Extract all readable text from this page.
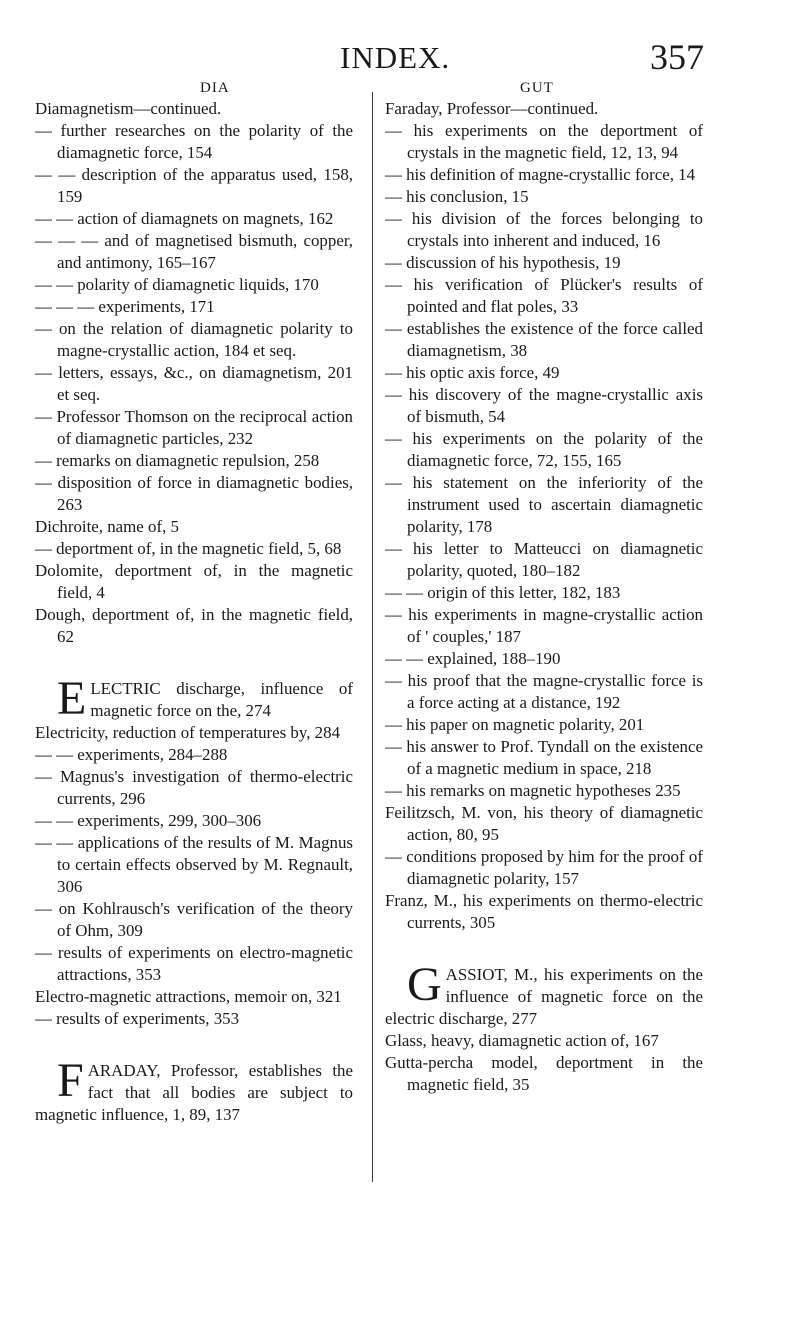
INDEX.	357
DIA	GUT

Diamagnetism—continued.

— further researches on the polarity of the diamagnetic force, 154

— — description of the apparatus used, 158, 159

— — action of diamagnets on magnets, 162

— — — and of magnetised bismuth, copper, and antimony, 165–167

— — polarity of diamagnetic liquids, 170

— — — experiments, 171

— on the relation of diamagnetic polarity to magne-crystallic action, 184 et seq.

— letters, essays, &c., on diamagnetism, 201 et seq.

— Professor Thomson on the reciprocal action of diamagnetic particles, 232

— remarks on diamagnetic repulsion, 258

— disposition of force in diamagnetic bodies, 263

Dichroite, name of, 5

— deportment of, in the magnetic field, 5, 68

Dolomite, deportment of, in the magnetic field, 4

Dough, deportment of, in the magnetic field, 62

ELECTRIC discharge, influence of magnetic force on the, 274

Electricity, reduction of temperatures by, 284

— — experiments, 284–288

— Magnus's investigation of thermo-electric currents, 296

— — experiments, 299, 300–306

— — applications of the results of M. Magnus to certain effects observed by M. Regnault, 306

— on Kohlrausch's verification of the theory of Ohm, 309

— results of experiments on electro-magnetic attractions, 353

Electro-magnetic attractions, memoir on, 321

— results of experiments, 353

FARADAY, Professor, establishes the fact that all bodies are subject to magnetic influence, 1, 89, 137

Faraday, Professor—continued.

— his experiments on the deportment of crystals in the magnetic field, 12, 13, 94

— his definition of magne-crystallic force, 14

— his conclusion, 15

— his division of the forces belonging to crystals into inherent and induced, 16

— discussion of his hypothesis, 19

— his verification of Plücker's results of pointed and flat poles, 33

— establishes the existence of the force called diamagnetism, 38

— his optic axis force, 49

— his discovery of the magne-crystallic axis of bismuth, 54

— his experiments on the polarity of the diamagnetic force, 72, 155, 165

— his statement on the inferiority of the instrument used to ascertain diamagnetic polarity, 178

— his letter to Matteucci on diamagnetic polarity, quoted, 180–182

— — origin of this letter, 182, 183

— his experiments in magne-crystallic action of ' couples,' 187

— — explained, 188–190

— his proof that the magne-crystallic force is a force acting at a distance, 192

— his paper on magnetic polarity, 201

— his answer to Prof. Tyndall on the existence of a magnetic medium in space, 218

— his remarks on magnetic hypotheses 235

Feilitzsch, M. von, his theory of diamagnetic action, 80, 95

— conditions proposed by him for the proof of diamagnetic polarity, 157

Franz, M., his experiments on thermo-electric currents, 305

GASSIOT, M., his experiments on the influence of magnetic force on the electric discharge, 277

Glass, heavy, diamagnetic action of, 167

Gutta-percha model, deportment in the magnetic field, 35
